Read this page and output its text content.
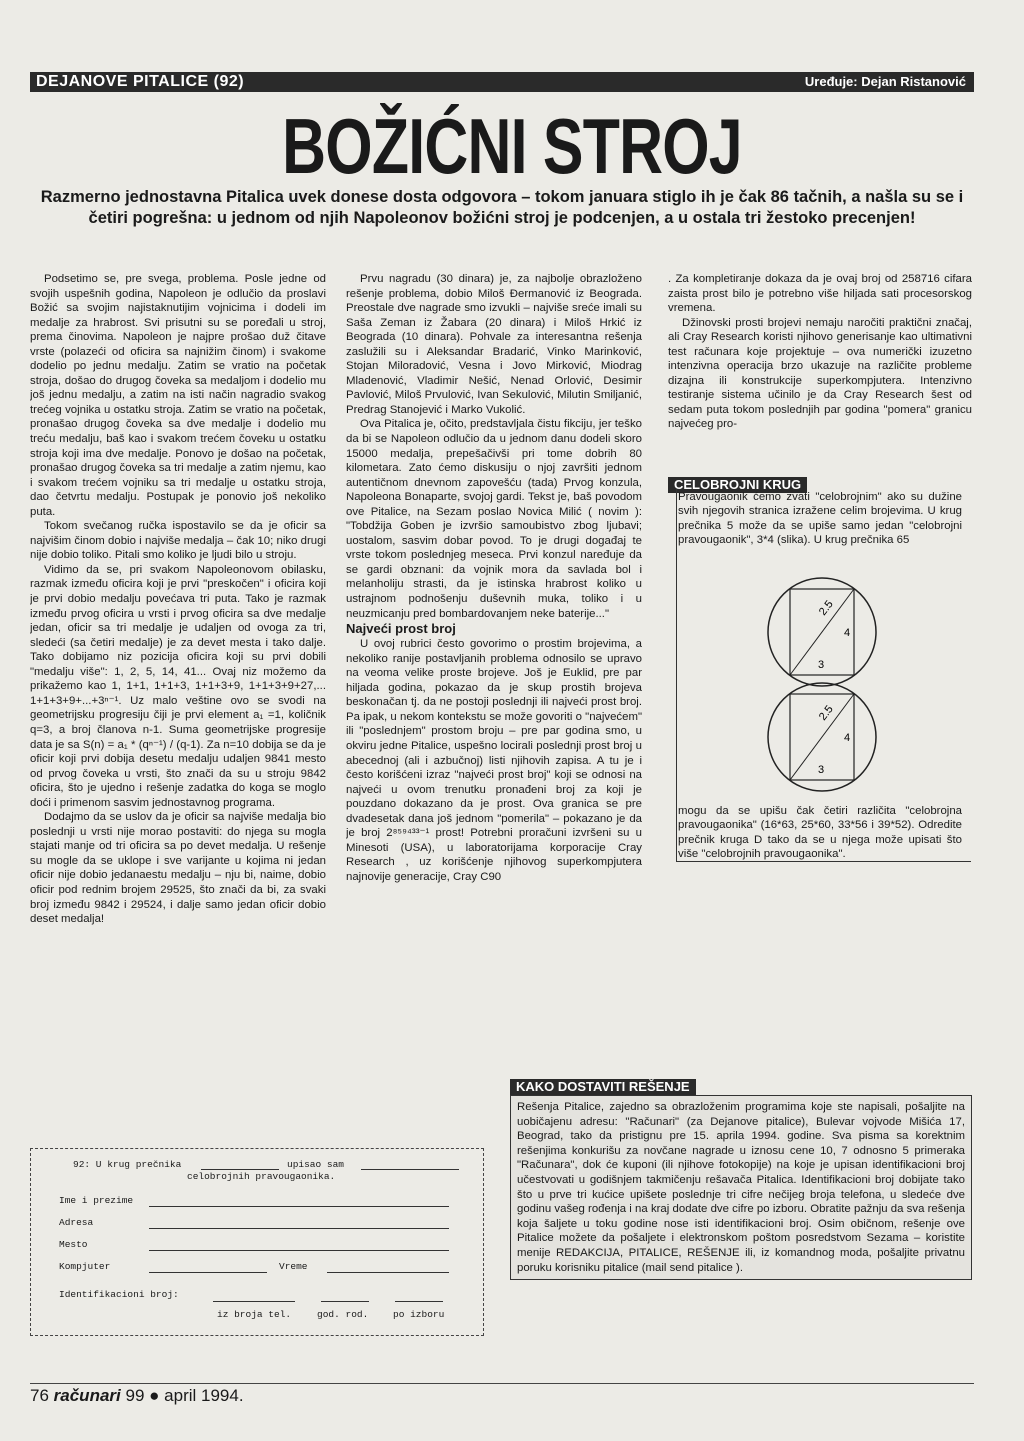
DEJANOVE PITALICE (92)	Uređuje: Dejan Ristanović
BOŽIĆNI STROJ
Razmerno jednostavna Pitalica uvek donese dosta odgovora – tokom januara stiglo ih je čak 86 tačnih, a našla su se i četiri pogrešna: u jednom od njih Napoleonov božićni stroj je podcenjen, a u ostala tri žestoko precenjen!

Podsetimo se, pre svega, problema. Posle jedne od svojih uspešnih godina, Napoleon je odlučio da proslavi Božić sa svojim najistaknutijim vojnicima i dodeli im medalje za hrabrost. Svi prisutni su se poređali u stroj, prema činovima. Napoleon je najpre prošao duž čitave vrste (polazeći od oficira sa najnižim činom) i svakome dodelio po jednu medalju. Zatim se vratio na početak stroja, došao do drugog čoveka sa medaljom i dodelio mu još jednu medalju, a zatim na isti način nagradio svakog trećeg vojnika u ostatku stroja. Zatim se vratio na početak, pronašao drugog čoveka sa dve medalje i dodelio mu treću medalju, baš kao i svakom trećem čoveku u ostatku stroja koji ima dve medalje. Ponovo je došao na početak, pronašao drugog čoveka sa tri medalje a zatim njemu, kao i svakom trećem vojniku sa tri medalje u ostatku stroja, dao četvrtu medalju. Postupak je ponovio još nekoliko puta.

Tokom svečanog ručka ispostavilo se da je oficir sa najvišim činom dobio i najviše medalja – čak 10; niko drugi nije dobio toliko. Pitali smo koliko je ljudi bilo u stroju.

Vidimo da se, pri svakom Napoleonovom obilasku, razmak između oficira koji je prvi "preskočen" i oficira koji je prvi dobio medalju povećava tri puta. Tako je razmak između prvog oficira u vrsti i prvog oficira sa dve medalje jedan, oficir sa tri medalje je udaljen od ovoga za tri, sledeći (sa četiri medalje) je za devet mesta i tako dalje. Tako dobijamo niz pozicija oficira koji su prvi dobili "medalju više": 1, 2, 5, 14, 41... Ovaj niz možemo da prikažemo kao 1, 1+1, 1+1+3, 1+1+3+9, 1+1+3+9+27,... 1+1+3+9+...+3ⁿ⁻¹. Uz malo veštine ovo se svodi na geometrijsku progresiju čiji je prvi element a₁ =1, količnik q=3, a broj članova n-1. Suma geometrijske progresije data je sa S(n) = a₁ * (qⁿ⁻¹) / (q-1). Za n=10 dobija se da je oficir koji prvi dobija desetu medalju udaljen 9841 mesto od prvog čoveka u vrsti, što znači da su u stroju 9842 oficira, što je ujedno i rešenje zadatka do koga se moglo doći i primenom sasvim jednostavnog programa.

Dodajmo da se uslov da je oficir sa najviše medalja bio poslednji u vrsti nije morao postaviti: do njega su mogla stajati manje od tri oficira sa po devet medalja. U rešenje su mogle da se uklope i sve varijante u kojima ni jedan oficir nije dobio jedanaestu medalju – nju bi, naime, dobio oficir pod rednim brojem 29525, što znači da bi, za svaki broj između 9842 i 29524, i dalje samo jedan oficir dobio deset medalja!

Prvu nagradu (30 dinara) je, za najbolje obrazloženo rešenje problema, dobio Miloš Đermanović iz Beograda. Preostale dve nagrade smo izvukli – najviše sreće imali su Saša Zeman iz Žabara (20 dinara) i Miloš Hrkić iz Beograda (10 dinara). Pohvale za interesantna rešenja zaslužili su i Aleksandar Bradarić, Vinko Marinković, Stojan Miloradović, Vesna i Jovo Mirković, Miodrag Mladenović, Vladimir Nešić, Nenad Orlović, Desimir Pavlović, Miloš Prvulović, Ivan Sekulović, Milutin Smiljanić, Predrag Stanojević i Marko Vukolić.

Ova Pitalica je, očito, predstavljala čistu fikciju, jer teško da bi se Napoleon odlučio da u jednom danu dodeli skoro 15000 medalja, prepešačivši pri tome dobrih 80 kilometara. Zato ćemo diskusiju o njoj završiti jednom autentičnom dnevnom zapovešću (tada) Prvog konzula, Napoleona Bonaparte, svojoj gardi. Tekst je, baš povodom ove Pitalice, na Sezam poslao Novica Milić ( novim ): "Tobdžija Goben je izvršio samoubistvo zbog ljubavi; uostalom, sasvim dobar povod. To je drugi događaj te vrste tokom poslednjeg meseca. Prvi konzul naređuje da se gardi obznani: da vojnik mora da savlada bol i melanholiju strasti, da je istinska hrabrost koliko u ustrajnom podnošenju duševnih muka, toliko i u neuzmicanju pred bombardovanjem neke baterije..."

Najveći prost broj

U ovoj rubrici često govorimo o prostim brojevima, a nekoliko ranije postavljanih problema odnosilo se upravo na veoma velike proste brojeve. Još je Euklid, pre par hiljada godina, pokazao da je skup prostih brojeva beskonačan tj. da ne postoji poslednji ili najveći prost broj. Pa ipak, u nekom kontekstu se može govoriti o "najvećem" ili "poslednjem" prostom broju – pre par godina smo, u okviru jedne Pitalice, uspešno locirali poslednji prost broj u abecednoj (ali i azbučnoj) listi njihovih zapisa. A tu je i često korišćeni izraz "najveći prost broj" koji se odnosi na najveći u ovom trenutku pronađeni broj za koji je pouzdano dokazano da je prost. Ova granica se pre dvadesetak dana još jednom "pomerila" – pokazano je da je broj 2⁸⁵⁹⁴³³⁻¹ prost! Potrebni proračuni izvršeni su u Minesoti (USA), u laboratorijama korporacije Cray Research , uz korišćenje njihovog superkompjutera najnovije generacije, Cray C90

. Za kompletiranje dokaza da je ovaj broj od 258716 cifara zaista prost bilo je potrebno više hiljada sati procesorskog vremena.

Džinovski prosti brojevi nemaju naročiti praktični značaj, ali Cray Research koristi njihovo generisanje kao ultimativni test računara koje projektuje – ova numerički izuzetno intenzivna operacija brzo ukazuje na različite probleme dizajna ili konstrukcije superkompjutera. Intenzivno testiranje sistema učinilo je da Cray Research šest od sedam puta tokom poslednjih par godina "pomera" granicu najvećeg pro-

CELOBROJNI KRUG
Pravougaonik ćemo zvati "celobrojnim" ako su dužine svih njegovih stranica izražene celim brojevima. U krug prečnika 5 može da se upiše samo jedan "celobrojni pravougaonik", 3*4 (slika). U krug prečnika 65
2.5
4
3
2.5
4
3
mogu da se upišu čak četiri različita "celobrojna pravougaonika" (16*63, 25*60, 33*56 i 39*52). Odredite prečnik kruga D tako da se u njega može upisati što više "celobrojnih pravougaonika".
KAKO DOSTAVITI REŠENJE
Rešenja Pitalice, zajedno sa obrazloženim programima koje ste napisali, pošaljite na uobičajenu adresu: "Računari" (za Dejanove pitalice), Bulevar vojvode Mišića 17, Beograd, tako da pristignu pre 15. aprila 1994. godine. Sva pisma sa korektnim rešenjima konkurišu za novčane nagrade u iznosu cene 10, 7 odnosno 5 primeraka "Računara", dok će kuponi (ili njihove fotokopije) na koje je upisan identifikacioni broj učestvovati u godišnjem takmičenju rešavača Pitalica. Identifikacioni broj dobijate tako što u prve tri kućice upišete poslednje tri cifre nečijeg broja telefona, u sledeće dve godinu vašeg rođenja i na kraj dodate dve cifre po izboru. Obratite pažnju da sva rešenja koja šaljete u toku godine nose isti identifikacioni broj. Osim običnom, rešenje ove Pitalice možete da pošaljete i elektronskom poštom posredstvom Sezama – koristite menije REDAKCIJA, PITALICE, REŠENJE ili, iz komandnog moda, pošaljite privatnu poruku korisniku pitalice (mail send pitalice ).
92: U krug prečnika	upisao sam
celobrojnih pravougaonika.
Ime i prezime
Adresa
Mesto
Kompjuter	Vreme
Identifikacioni broj:
iz broja tel.	god. rod.	po izboru
76 računari 99 ● april 1994.
